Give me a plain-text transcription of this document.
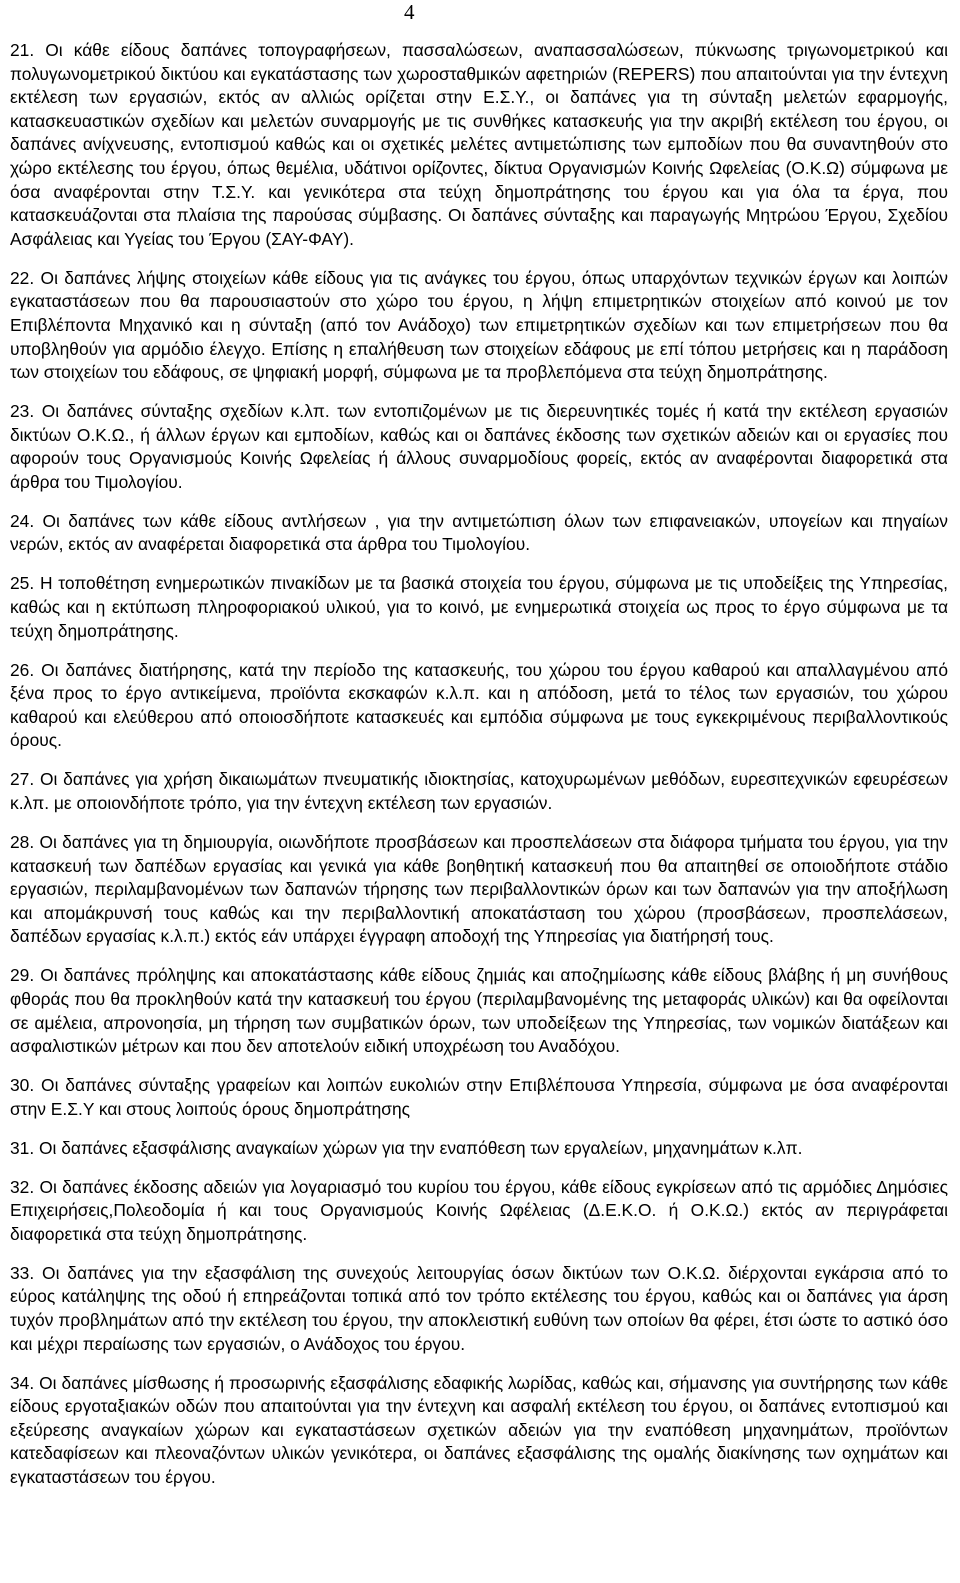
4

21. Οι κάθε είδους δαπάνες τοπογραφήσεων, πασσαλώσεων, αναπασσαλώσεων, πύκνωσης τριγωνομετρικού και πολυγωνομετρικού δικτύου και εγκατάστασης των χωροσταθμικών αφετηριών (REPERS) που απαιτούνται για την έντεχνη εκτέλεση των εργασιών, εκτός αν αλλιώς ορίζεται στην Ε.Σ.Υ., οι δαπάνες για τη σύνταξη μελετών εφαρμογής, κατασκευαστικών σχεδίων και μελετών συναρμογής με τις συνθήκες κατασκευής για την ακριβή εκτέλεση του έργου, οι δαπάνες ανίχνευσης, εντοπισμού καθώς και οι σχετικές μελέτες αντιμετώπισης των εμποδίων που θα συναντηθούν στο χώρο εκτέλεσης του έργου, όπως θεμέλια, υδάτινοι ορίζοντες, δίκτυα Οργανισμών Κοινής Ωφελείας (Ο.Κ.Ω) σύμφωνα με όσα αναφέρονται στην Τ.Σ.Υ. και γενικότερα στα τεύχη δημοπράτησης του έργου και για όλα τα έργα, που κατασκευάζονται στα πλαίσια της παρούσας σύμβασης. Οι δαπάνες σύνταξης και παραγωγής Μητρώου Έργου, Σχεδίου Ασφάλειας και Υγείας του Έργου (ΣΑΥ-ΦΑΥ).

22. Οι δαπάνες λήψης στοιχείων κάθε είδους για τις ανάγκες του έργου, όπως υπαρχόντων τεχνικών έργων και λοιπών εγκαταστάσεων που θα παρουσιαστούν στο χώρο του έργου, η λήψη επιμετρητικών στοιχείων από κοινού με τον Επιβλέποντα Μηχανικό και η σύνταξη (από τον Ανάδοχο) των επιμετρητικών σχεδίων και των επιμετρήσεων που θα υποβληθούν για αρμόδιο έλεγχο. Επίσης η επαλήθευση των στοιχείων εδάφους με επί τόπου μετρήσεις και η παράδοση των στοιχείων του εδάφους, σε ψηφιακή μορφή, σύμφωνα με τα προβλεπόμενα στα τεύχη δημοπράτησης.

23. Οι δαπάνες σύνταξης σχεδίων κ.λπ. των εντοπιζομένων με τις διερευνητικές τομές ή κατά την εκτέλεση εργασιών δικτύων Ο.Κ.Ω., ή άλλων έργων και εμποδίων, καθώς και οι δαπάνες έκδοσης των σχετικών αδειών και οι εργασίες που αφορούν τους Οργανισμούς Κοινής Ωφελείας ή άλλους συναρμοδίους φορείς, εκτός αν αναφέρονται διαφορετικά στα άρθρα του Τιμολογίου.

24. Οι δαπάνες των κάθε είδους αντλήσεων , για την αντιμετώπιση όλων των επιφανειακών, υπογείων και πηγαίων νερών, εκτός αν αναφέρεται διαφορετικά στα άρθρα του Τιμολογίου.

25. Η τοποθέτηση ενημερωτικών πινακίδων με τα βασικά στοιχεία του έργου, σύμφωνα με τις υποδείξεις της Υπηρεσίας, καθώς και η εκτύπωση πληροφοριακού υλικού, για το κοινό, με ενημερωτικά στοιχεία ως προς το έργο σύμφωνα με τα τεύχη δημοπράτησης.

26. Οι δαπάνες διατήρησης, κατά την περίοδο της κατασκευής, του χώρου του έργου καθαρού και απαλλαγμένου από ξένα προς το έργο αντικείμενα, προϊόντα εκσκαφών κ.λ.π. και η απόδοση, μετά το τέλος των εργασιών, του χώρου καθαρού και ελεύθερου από οποιοσδήποτε κατασκευές και εμπόδια σύμφωνα με τους εγκεκριμένους περιβαλλοντικούς όρους.

27. Οι δαπάνες για χρήση δικαιωμάτων πνευματικής ιδιοκτησίας, κατοχυρωμένων μεθόδων, ευρεσιτεχνικών εφευρέσεων κ.λπ. με οποιονδήποτε τρόπο, για την έντεχνη εκτέλεση των εργασιών.

28. Οι δαπάνες για τη δημιουργία, οιωνδήποτε προσβάσεων και προσπελάσεων στα διάφορα τμήματα του έργου, για την κατασκευή των δαπέδων εργασίας και γενικά για κάθε βοηθητική κατασκευή που θα απαιτηθεί σε οποιοδήποτε στάδιο εργασιών, περιλαμβανομένων των δαπανών τήρησης των περιβαλλοντικών όρων και των δαπανών για την αποξήλωση και απομάκρυνσή τους καθώς και την περιβαλλοντική αποκατάσταση του χώρου (προσβάσεων, προσπελάσεων, δαπέδων εργασίας κ.λ.π.) εκτός εάν υπάρχει έγγραφη αποδοχή της Υπηρεσίας για διατήρησή τους.

29. Οι δαπάνες πρόληψης και αποκατάστασης κάθε είδους ζημιάς και αποζημίωσης κάθε είδους βλάβης ή μη συνήθους φθοράς που θα προκληθούν κατά την κατασκευή του έργου (περιλαμβανομένης της μεταφοράς υλικών) και θα οφείλονται σε αμέλεια, απρονοησία, μη τήρηση των συμβατικών όρων, των υποδείξεων της Υπηρεσίας, των νομικών διατάξεων και ασφαλιστικών μέτρων και που δεν αποτελούν ειδική υποχρέωση του Αναδόχου.

30. Οι δαπάνες σύνταξης γραφείων και λοιπών ευκολιών στην Επιβλέπουσα Υπηρεσία, σύμφωνα με όσα αναφέρονται στην Ε.Σ.Υ και στους λοιπούς όρους δημοπράτησης

31. Οι δαπάνες εξασφάλισης αναγκαίων χώρων για την εναπόθεση των εργαλείων, μηχανημάτων κ.λπ.

32. Οι δαπάνες έκδοσης αδειών για λογαριασμό του κυρίου του έργου, κάθε είδους εγκρίσεων από τις αρμόδιες Δημόσιες Επιχειρήσεις,Πολεοδομία ή και τους Οργανισμούς Κοινής Ωφέλειας (Δ.Ε.Κ.Ο. ή Ο.Κ.Ω.) εκτός αν περιγράφεται διαφορετικά στα τεύχη δημοπράτησης.

33. Οι δαπάνες για την εξασφάλιση της συνεχούς λειτουργίας όσων δικτύων των Ο.Κ.Ω. διέρχονται εγκάρσια από το εύρος κατάληψης της οδού ή επηρεάζονται τοπικά από τον τρόπο εκτέλεσης του έργου, καθώς και οι δαπάνες για άρση τυχόν προβλημάτων από την εκτέλεση του έργου, την αποκλειστική ευθύνη των οποίων θα φέρει, έτσι ώστε το αστικό όσο και μέχρι περαίωσης των εργασιών, ο Ανάδοχος του έργου.

34. Οι δαπάνες μίσθωσης ή προσωρινής εξασφάλισης εδαφικής λωρίδας, καθώς και, σήμανσης για συντήρησης των κάθε είδους εργοταξιακών οδών που απαιτούνται για την έντεχνη και ασφαλή εκτέλεση του έργου, οι δαπάνες εντοπισμού και εξεύρεσης αναγκαίων χώρων και εγκαταστάσεων σχετικών αδειών για την εναπόθεση μηχανημάτων, προϊόντων κατεδαφίσεων και πλεοναζόντων υλικών γενικότερα, οι δαπάνες εξασφάλισης της ομαλής διακίνησης των οχημάτων και εγκαταστάσεων του έργου.
